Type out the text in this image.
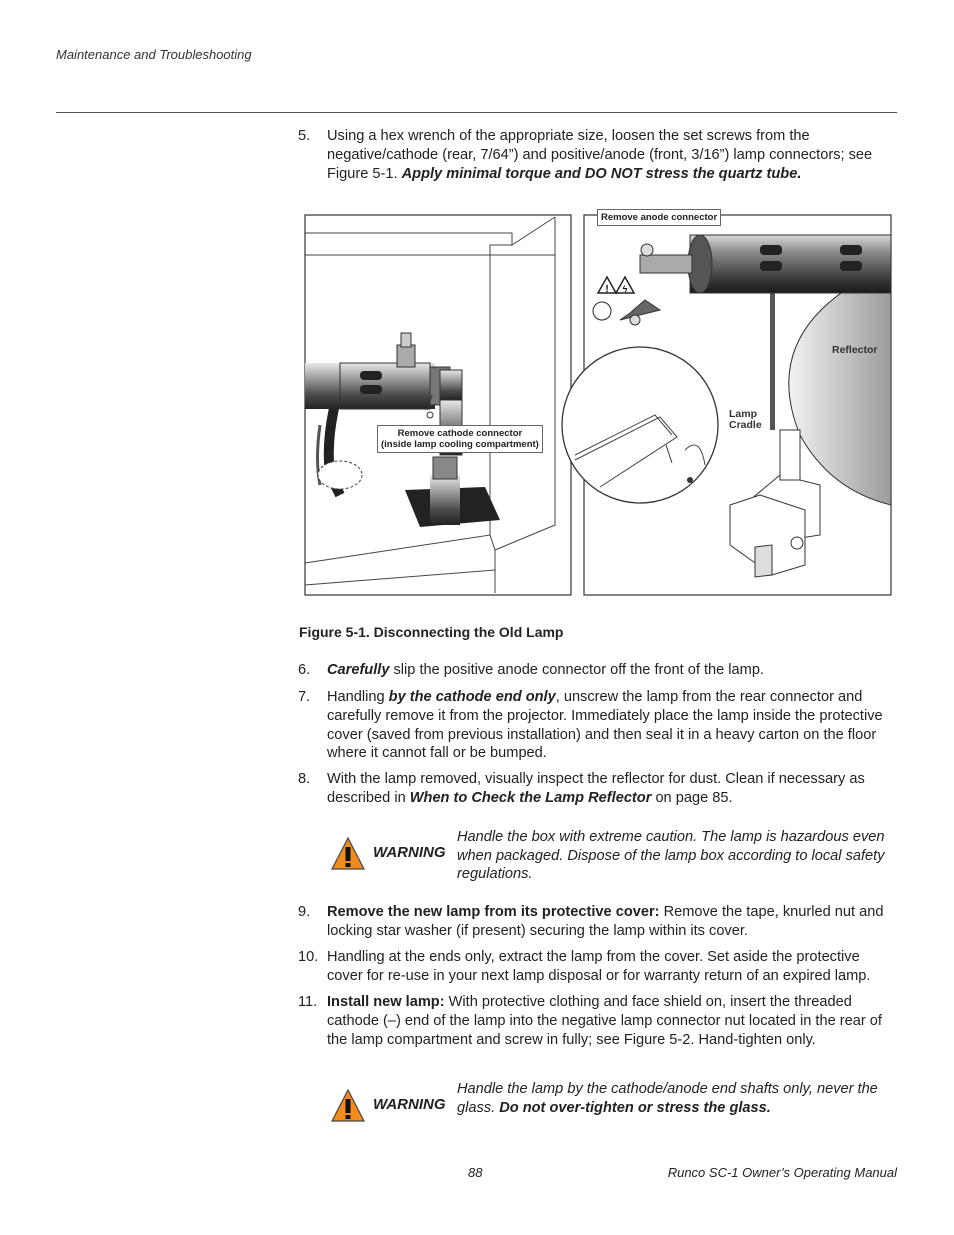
Maintenance and Troubleshooting
5.	Using a hex wrench of the appropriate size, loosen the set screws from the negative/cathode (rear, 7/64”) and positive/anode (front, 3/16”) lamp connectors; see Figure 5-1. Apply minimal torque and DO NOT stress the quartz tube.
! ϟ
Remove anode connector
Remove cathode connector
(inside lamp cooling compartment)
Reflector
Lamp
Cradle
Figure 5-1. Disconnecting the Old Lamp
6.	Carefully slip the positive anode connector off the front of the lamp.
7.	Handling by the cathode end only, unscrew the lamp from the rear connector and carefully remove it from the projector. Immediately place the lamp inside the protective cover (saved from previous installation) and then seal it in a heavy carton on the floor where it cannot fall or be bumped.
8.	With the lamp removed, visually inspect the reflector for dust. Clean if necessary as described in When to Check the Lamp Reflector on page 85.
WARNING
Handle the box with extreme caution. The lamp is hazardous even when packaged. Dispose of the lamp box according to local safety regulations.
9.	Remove the new lamp from its protective cover: Remove the tape, knurled nut and locking star washer (if present) securing the lamp within its cover.
10. Handling at the ends only, extract the lamp from the cover. Set aside the protective cover for re-use in your next lamp disposal or for warranty return of an expired lamp.
11. Install new lamp: With protective clothing and face shield on, insert the threaded cathode (–) end of the lamp into the negative lamp connector nut located in the rear of the lamp compartment and screw in fully; see Figure 5-2. Hand-tighten only.
WARNING
Handle the lamp by the cathode/anode end shafts only, never the glass. Do not over-tighten or stress the glass.
88	Runco SC-1 Owner’s Operating Manual
